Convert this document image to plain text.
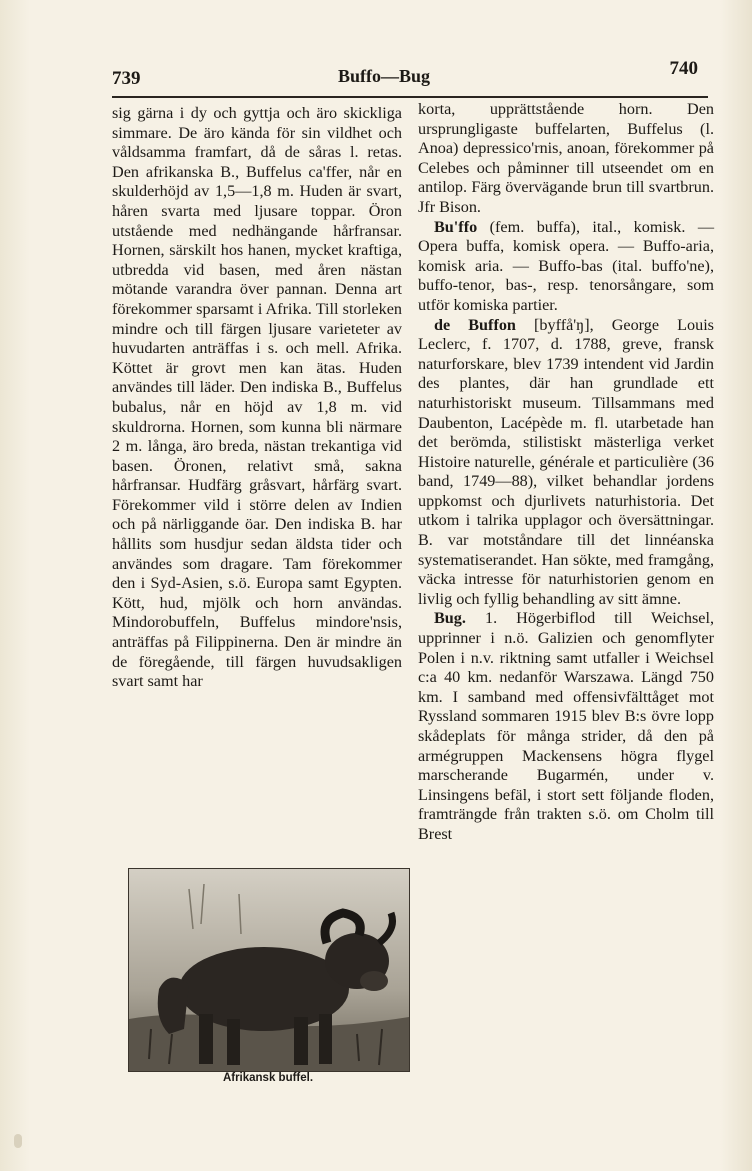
739	Buffo—Bug	740

sig gärna i dy och gyttja och äro skickliga simmare. De äro kända för sin vildhet och våldsamma framfart, då de såras l. retas. Den afrikanska B., Buffelus ca'ffer, når en skulderhöjd av 1,5—1,8 m. Huden är svart, håren svarta med ljusare toppar. Öron utstående med nedhängande hårfransar. Hornen, särskilt hos hanen, mycket kraftiga, utbredda vid basen, med åren nästan mötande varandra över pannan. Denna art förekommer sparsamt i Afrika. Till storleken mindre och till färgen ljusare varieteter av huvudarten anträffas i s. och mell. Afrika. Köttet är grovt men kan ätas. Huden användes till läder. Den indiska B., Buffelus bubalus, når en höjd av 1,8 m. vid skuldrorna. Hornen, som kunna bli närmare 2 m. långa, äro breda, nästan trekantiga vid basen. Öronen, relativt små, sakna hårfransar. Hudfärg gråsvart, hårfärg svart. Förekommer vild i större delen av Indien och på närliggande öar. Den indiska B. har hållits som husdjur sedan äldsta tider och användes som dragare. Tam förekommer den i Syd-Asien, s.ö. Europa samt Egypten. Kött, hud, mjölk och horn användas. Mindorobuffeln, Buffelus mindore'nsis, anträffas på Filippinerna. Den är mindre än de föregående, till färgen huvudsakligen svart samt har

Afrikansk buffel.

korta, upprättstående horn. Den ursprungligaste buffelarten, Buffelus (l. Anoa) depressico'rnis, anoan, förekommer på Celebes och påminner till utseendet om en antilop. Färg övervägande brun till svartbrun. Jfr Bison.

Bu'ffo (fem. buffa), ital., komisk. — Opera buffa, komisk opera. — Buffo-aria, komisk aria. — Buffo-bas (ital. buffo'ne), buffo-tenor, bas-, resp. tenorsångare, som utför komiska partier.

de Buffon [byffå'ŋ], George Louis Leclerc, f. 1707, d. 1788, greve, fransk naturforskare, blev 1739 intendent vid Jardin des plantes, där han grundlade ett naturhistoriskt museum. Tillsammans med Daubenton, Lacépède m. fl. utarbetade han det berömda, stilistiskt mästerliga verket Histoire naturelle, générale et particulière (36 band, 1749—88), vilket behandlar jordens uppkomst och djurlivets naturhistoria. Det utkom i talrika upplagor och översättningar. B. var motståndare till det linnéanska systematiserandet. Han sökte, med framgång, väcka intresse för naturhistorien genom en livlig och fyllig behandling av sitt ämne.

Bug. 1. Högerbiflod till Weichsel, upprinner i n.ö. Galizien och genomflyter Polen i n.v. riktning samt utfaller i Weichsel c:a 40 km. nedanför Warszawa. Längd 750 km. I samband med offensivfälttåget mot Ryssland sommaren 1915 blev B:s övre lopp skådeplats för många strider, då den på armégruppen Mackensens högra flygel marscherande Bugarmén, under v. Linsingens befäl, i stort sett följande floden, framträngde från trakten s.ö. om Cholm till Brest
